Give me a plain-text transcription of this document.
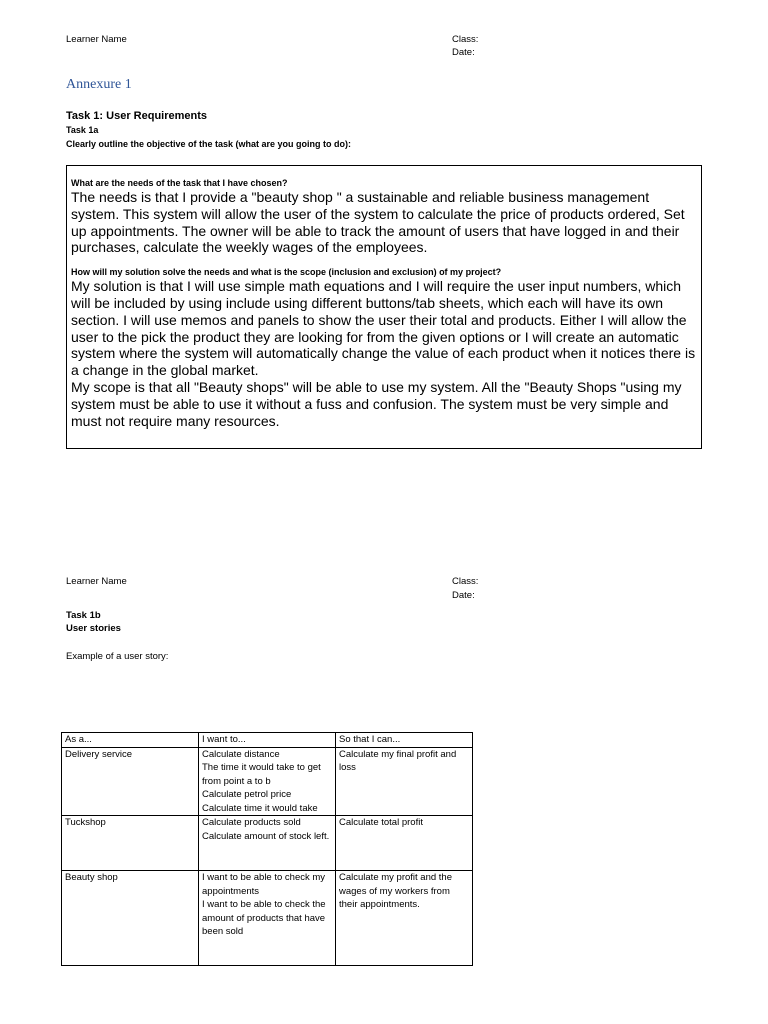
Learner Name	Class:
Date:
Annexure 1
Task 1: User Requirements
Task 1a
Clearly outline the objective of the task (what are you going to do):

What are the needs of the task that I have chosen?

The needs is that I provide a "beauty shop " a sustainable and reliable business management system. This system will allow the user of the system to calculate the price of products ordered, Set up appointments. The owner will be able to track the amount of users that have logged in and their purchases, calculate the weekly wages of the employees.

How will my solution solve the needs and what is the scope (inclusion and exclusion) of my project?

My solution is that I will use simple math equations and I will require the user input numbers, which will be included by using include using different buttons/tab sheets, which each will have its own section. I will use memos and panels to show the user their total and products. Either I will allow the user to the pick the product they are looking for from the given options or I will create an automatic system where the system will automatically change the value of each product when it notices there is a change in the global market.

My scope is that all "Beauty shops" will be able to use my system. All the "Beauty Shops "using my system must be able to use it without a fuss and confusion. The system must be very simple and must not require many resources.

Learner Name	Class:
Date:
Task 1b
User stories
Example of a user story:
As a...	I want to...	So that I can...
Delivery service	Calculate distance
The time it would take to get from point a to b
Calculate petrol price
Calculate time it would take	Calculate my final profit and loss
Tuckshop	Calculate products sold
Calculate amount of stock left.	Calculate total profit
Beauty shop	I want to be able to check my appointments
I want to be able to check the amount of products that have been sold	Calculate my profit and the wages of my workers from their appointments.
